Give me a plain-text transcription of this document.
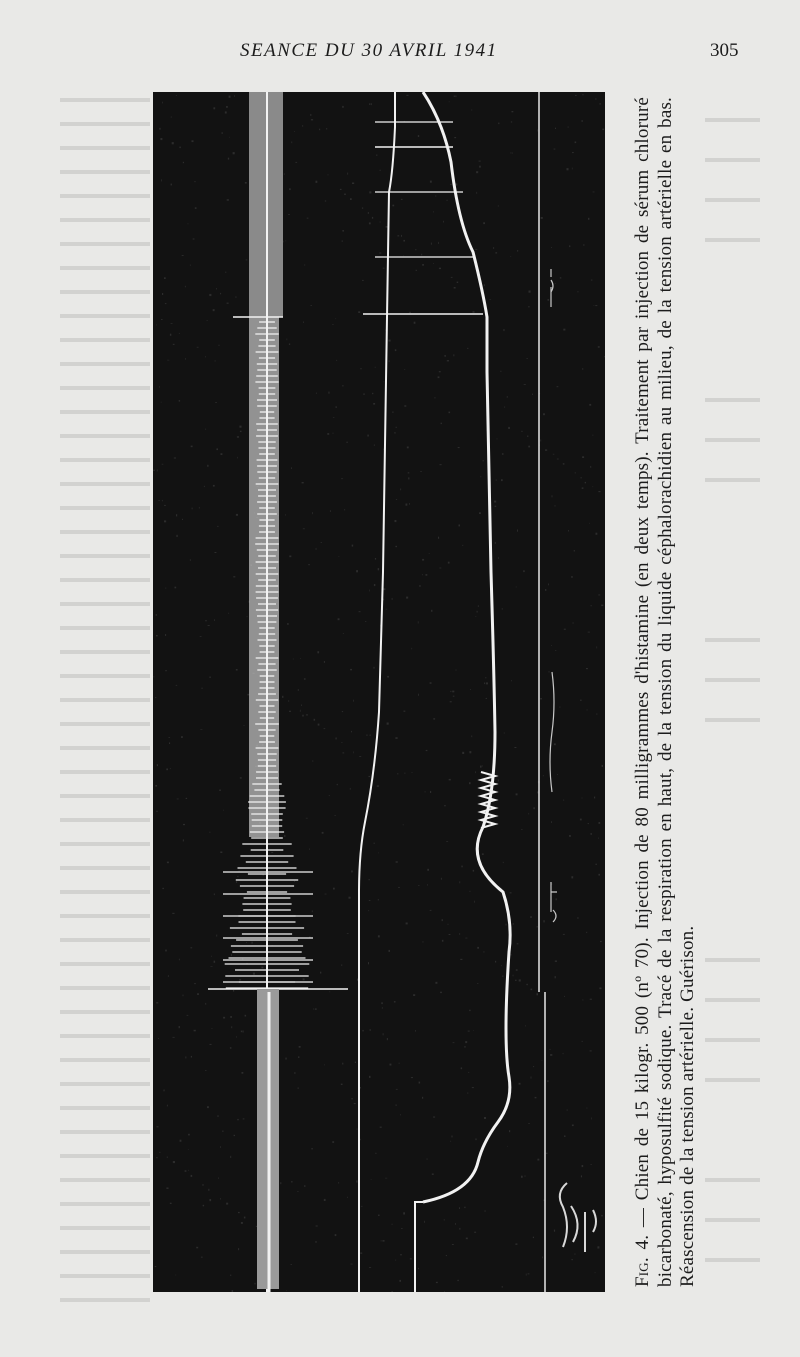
SEANCE DU 30 AVRIL 1941	305

Fig. 4. — Chien de 15 kilogr. 500 (nº 70). Injection de 80 milligrammes d'histamine (en deux temps). Traitement par injection de sérum chloruré bicarbonaté, hyposulfité sodique. Tracé de la respiration en haut, de la tension du liquide céphalorachidien au milieu, de la tension artérielle en bas. Réascension de la tension artérielle. Guérison.
